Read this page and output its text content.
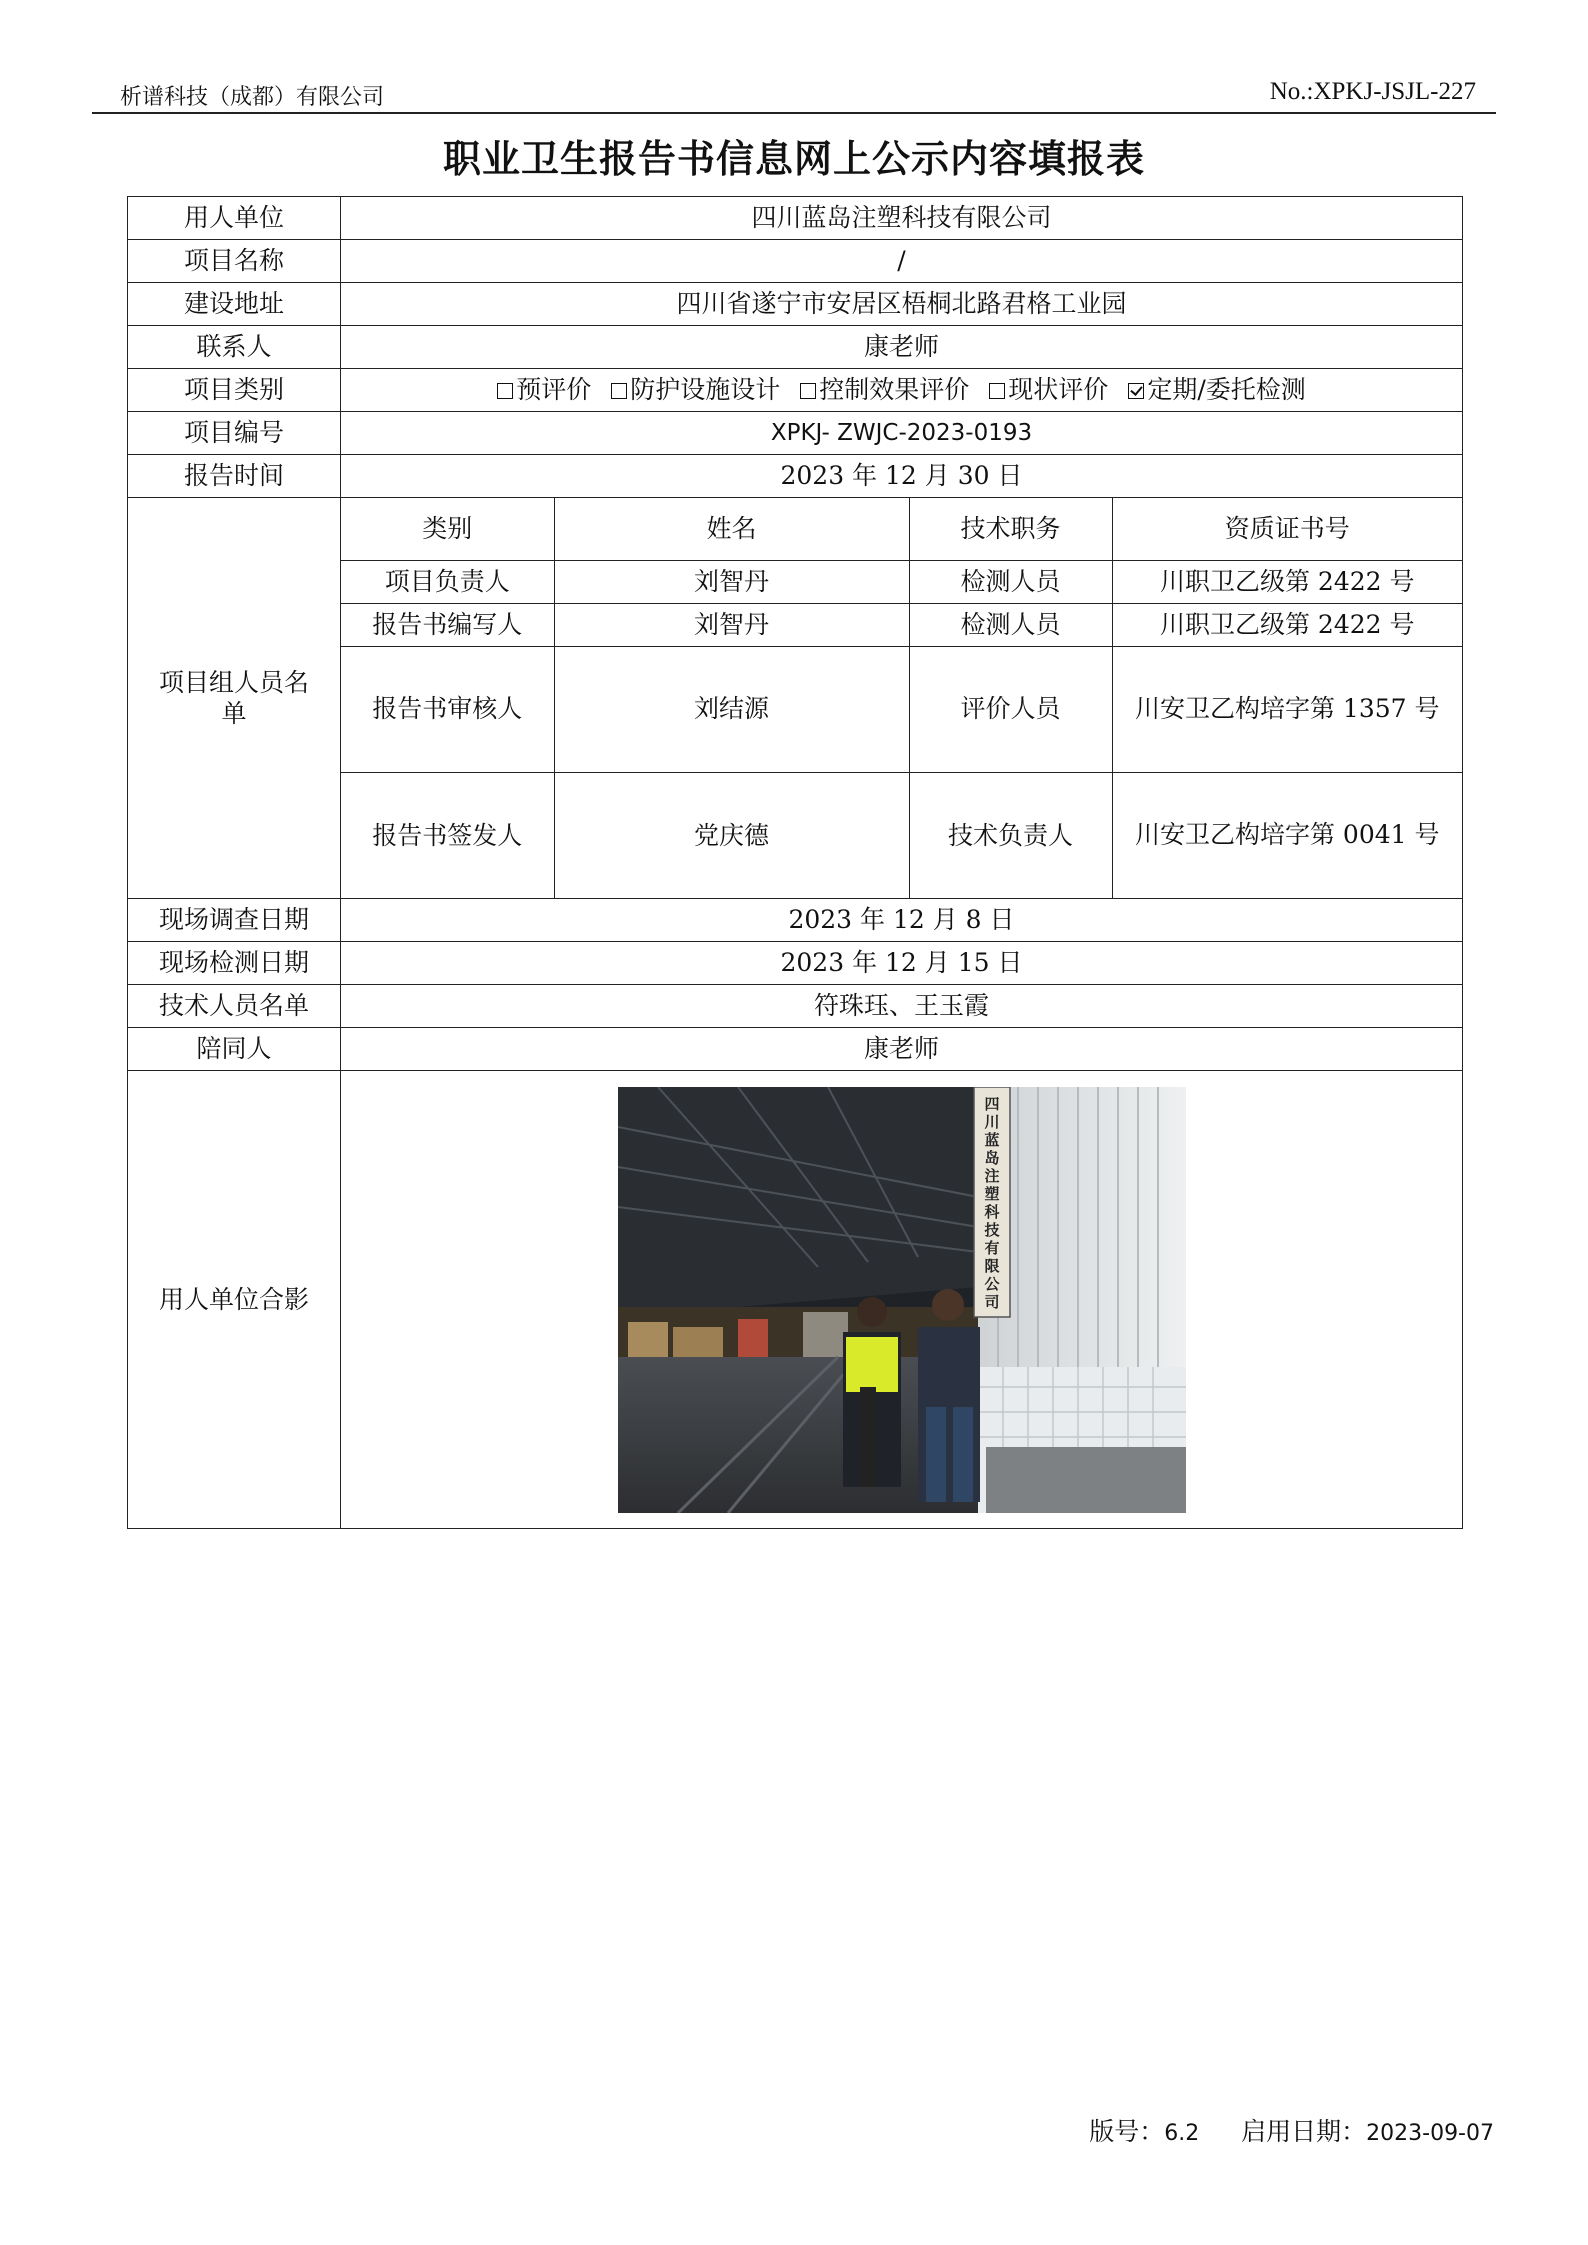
析谱科技（成都）有限公司	No.:XPKJ-JSJL-227
职业卫生报告书信息网上公示内容填报表
用人单位	四川蓝岛注塑科技有限公司
项目名称	/
建设地址	四川省遂宁市安居区梧桐北路君格工业园
联系人	康老师
项目类别	预评价 防护设施设计 控制效果评价 现状评价 定期/委托检测
项目编号	XPKJ- ZWJC-2023-0193
报告时间	2023 年 12 月 30 日
项目组人员名单	
类别	姓名	技术职务	资质证书号
项目负责人	刘智丹	检测人员	川职卫乙级第 2422 号
报告书编写人	刘智丹	检测人员	川职卫乙级第 2422 号
报告书审核人	刘结源	评价人员	川安卫乙构培字第 1357 号
报告书签发人	党庆德	技术负责人	川安卫乙构培字第 0041 号

现场调查日期	2023 年 12 月 8 日
现场检测日期	2023 年 12 月 15 日
技术人员名单	符珠珏、王玉霞
陪同人	康老师
用人单位合影	
四
川
蓝
岛
注
塑
科
技
有
限
公
司
版号：6.2 启用日期：2023-09-07
